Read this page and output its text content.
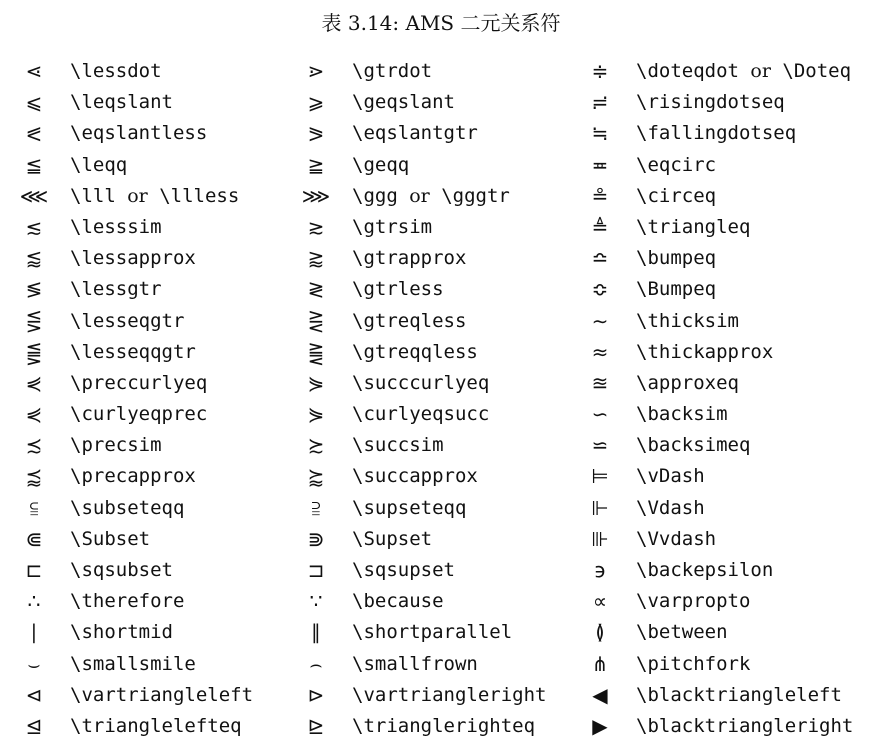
表 3.14: AMS 二元关系符
⋖	\lessdot	⋗	\gtrdot	≑	\doteqdot or \Doteq
⩽	\leqslant	⩾	\geqslant	≓	\risingdotseq
⪕	\eqslantless	⪖	\eqslantgtr	≒	\fallingdotseq
≦	\leqq	≧	\geqq	≖	\eqcirc
⋘	\lll or \llless	⋙	\ggg or \gggtr	≗	\circeq
≲	\lesssim	≳	\gtrsim	≜	\triangleq
⪅	\lessapprox	⪆	\gtrapprox	≏	\bumpeq
≶	\lessgtr	≷	\gtrless	≎	\Bumpeq
⋚	\lesseqgtr	⋛	\gtreqless	∼	\thicksim
⪋	\lesseqqgtr	⪌	\gtreqqless	≈	\thickapprox
⋞	\preccurlyeq	⋟	\succcurlyeq	≊	\approxeq
⋞	\curlyeqprec	⋟	\curlyeqsucc	∽	\backsim
≾	\precsim	≿	\succsim	⋍	\backsimeq
⪷	\precapprox	⪸	\succapprox	⊨	\vDash
⫅	\subseteqq	⫆	\supseteqq	⊩	\Vdash
⋐	\Subset	⋑	\Supset	⊪	\Vvdash
⊏	\sqsubset	⊐	\sqsupset	϶	\backepsilon
∴	\therefore	∵	\because	∝	\varpropto
∣	\shortmid	∥	\shortparallel	≬	\between
⌣	\smallsmile	⌢	\smallfrown	⋔	\pitchfork
⊲	\vartriangleleft	⊳	\vartriangleright	◀	\blacktriangleleft
⊴	\trianglelefteq	⊵	\trianglerighteq	▶	\blacktriangleright
